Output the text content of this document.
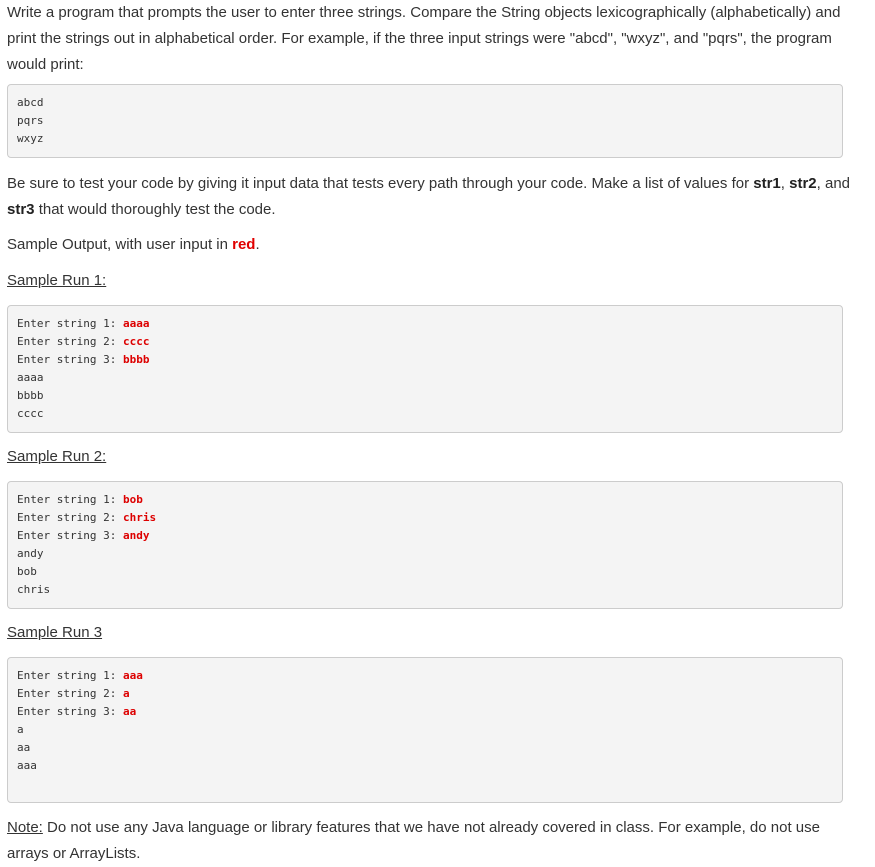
Write a program that prompts the user to enter three strings. Compare the String objects lexicographically (alphabetically) and print the strings out in alphabetical order. For example, if the three input strings were "abcd", "wxyz", and "pqrs", the program would print:

abcd
pqrs
wxyz

Be sure to test your code by giving it input data that tests every path through your code. Make a list of values for str1, str2, and str3 that would thoroughly test the code.

Sample Output, with user input in red.

Sample Run 1:

Enter string 1: aaaa
Enter string 2: cccc
Enter string 3: bbbb
aaaa
bbbb
cccc

Sample Run 2:

Enter string 1: bob
Enter string 2: chris
Enter string 3: andy
andy
bob
chris

Sample Run 3

Enter string 1: aaa
Enter string 2: a
Enter string 3: aa
a
aa
aaa

Note: Do not use any Java language or library features that we have not already covered in class. For example, do not use arrays or ArrayLists.
